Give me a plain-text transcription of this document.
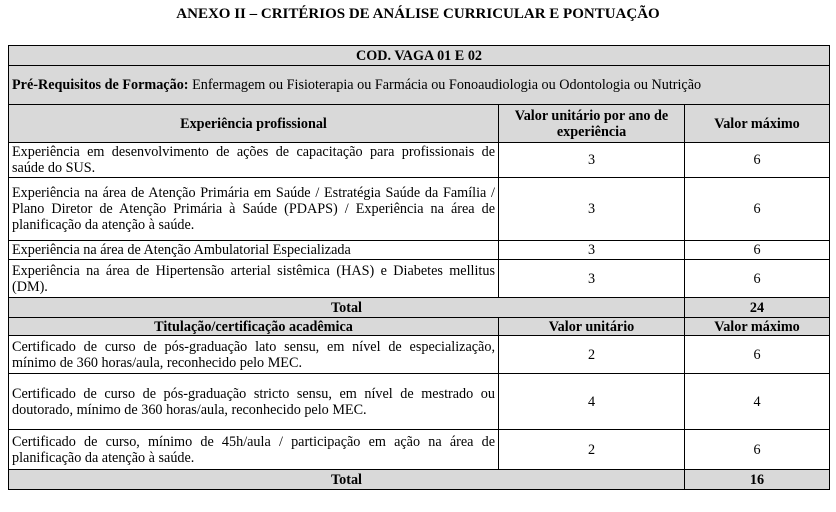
ANEXO II – CRITÉRIOS DE ANÁLISE CURRICULAR E PONTUAÇÃO
COD. VAGA 01 E 02		
Pré-Requisitos de Formação: Enfermagem ou Fisioterapia ou Farmácia ou Fonoaudiologia ou Odontologia ou Nutrição		
Experiência profissional	Valor unitário por ano de experiência	Valor máximo
Experiência em desenvolvimento de ações de capacitação para profissionais de saúde do SUS.	3	6
Experiência na área de Atenção Primária em Saúde / Estratégia Saúde da Família / Plano Diretor de Atenção Primária à Saúde (PDAPS) / Experiência na área de planificação da atenção à saúde.	3	6
Experiência na área de Atenção Ambulatorial Especializada	3	6
Experiência na área de Hipertensão arterial sistêmica (HAS) e Diabetes mellitus (DM).	3	6
Total		24
Titulação/certificação acadêmica	Valor unitário	Valor máximo
Certificado de curso de pós-graduação lato sensu, em nível de especialização, mínimo de 360 horas/aula, reconhecido pelo MEC.	2	6
Certificado de curso de pós-graduação stricto sensu, em nível de mestrado ou doutorado, mínimo de 360 horas/aula, reconhecido pelo MEC.	4	4
Certificado de curso, mínimo de 45h/aula / participação em ação na área de planificação da atenção à saúde.	2	6
Total		16
